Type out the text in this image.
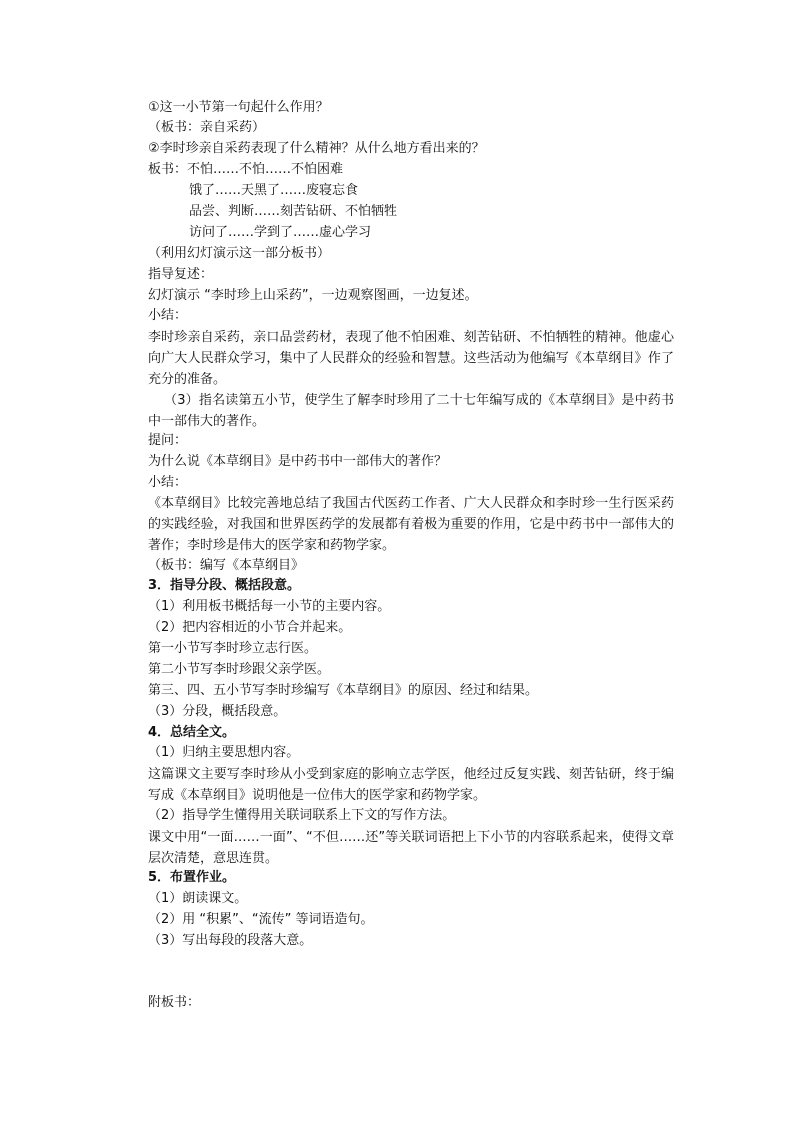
①这一小节第一句起什么作用？
（板书：亲自采药）
②李时珍亲自采药表现了什么精神？从什么地方看出来的？
板书：不怕……不怕……不怕困难
饿了……天黑了……废寝忘食
品尝、判断……刻苦钻研、不怕牺牲
访问了……学到了……虚心学习
（利用幻灯演示这一部分板书）
指导复述：
幻灯演示 “李时珍上山采药”，一边观察图画，一边复述。
小结：
李时珍亲自采药，亲口品尝药材，表现了他不怕困难、刻苦钻研、不怕牺牲的精神。他虚心向广大人民群众学习，集中了人民群众的经验和智慧。这些活动为他编写《本草纲目》作了充分的准备。
（3）指名读第五小节，使学生了解李时珍用了二十七年编写成的《本草纲目》是中药书中一部伟大的著作。
提问：
为什么说《本草纲目》是中药书中一部伟大的著作？
小结：
《本草纲目》比较完善地总结了我国古代医药工作者、广大人民群众和李时珍一生行医采药的实践经验，对我国和世界医药学的发展都有着极为重要的作用，它是中药书中一部伟大的著作；李时珍是伟大的医学家和药物学家。
（板书：编写《本草纲目》
3．指导分段、概括段意。
（1）利用板书概括每一小节的主要内容。
（2）把内容相近的小节合并起来。
第一小节写李时珍立志行医。
第二小节写李时珍跟父亲学医。
第三、四、五小节写李时珍编写《本草纲目》的原因、经过和结果。
（3）分段，概括段意。
4．总结全文。
（1）归纳主要思想内容。
这篇课文主要写李时珍从小受到家庭的影响立志学医，他经过反复实践、刻苦钻研，终于编写成《本草纲目》说明他是一位伟大的医学家和药物学家。
（2）指导学生懂得用关联词联系上下文的写作方法。
课文中用“一面……一面”、“不但……还”等关联词语把上下小节的内容联系起来，使得文章层次清楚，意思连贯。
5．布置作业。
（1）朗读课文。
（2）用 “积累”、“流传” 等词语造句。
（3）写出每段的段落大意。
附板书：
